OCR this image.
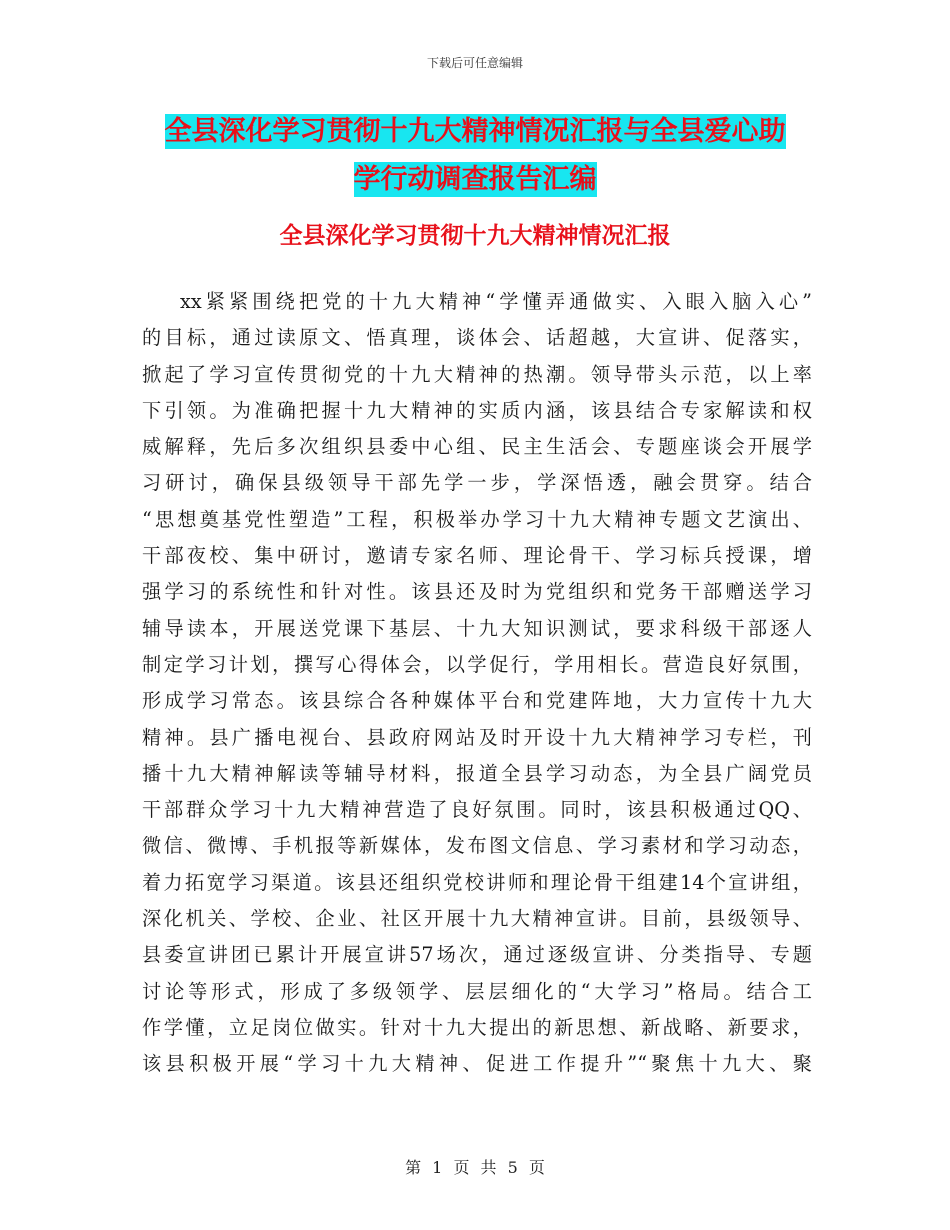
下载后可任意编辑
全县深化学习贯彻十九大精神情况汇报与全县爱心助
学行动调查报告汇编
全县深化学习贯彻十九大精神情况汇报
xx紧紧围绕把党的十九大精神“学懂弄通做实、入眼入脑入心”
的目标，通过读原文、悟真理，谈体会、话超越，大宣讲、促落实，
掀起了学习宣传贯彻党的十九大精神的热潮。领导带头示范，以上率
下引领。为准确把握十九大精神的实质内涵，该县结合专家解读和权
威解释，先后多次组织县委中心组、民主生活会、专题座谈会开展学
习研讨，确保县级领导干部先学一步，学深悟透，融会贯穿。结合
“思想奠基党性塑造”工程，积极举办学习十九大精神专题文艺演出、
干部夜校、集中研讨，邀请专家名师、理论骨干、学习标兵授课，增
强学习的系统性和针对性。该县还及时为党组织和党务干部赠送学习
辅导读本，开展送党课下基层、十九大知识测试，要求科级干部逐人
制定学习计划，撰写心得体会，以学促行，学用相长。营造良好氛围，
形成学习常态。该县综合各种媒体平台和党建阵地，大力宣传十九大
精神。县广播电视台、县政府网站及时开设十九大精神学习专栏，刊
播十九大精神解读等辅导材料，报道全县学习动态，为全县广阔党员
干部群众学习十九大精神营造了良好氛围。同时，该县积极通过QQ、
微信、微博、手机报等新媒体，发布图文信息、学习素材和学习动态，
着力拓宽学习渠道。该县还组织党校讲师和理论骨干组建14个宣讲组，
深化机关、学校、企业、社区开展十九大精神宣讲。目前，县级领导、
县委宣讲团已累计开展宣讲57场次，通过逐级宣讲、分类指导、专题
讨论等形式，形成了多级领学、层层细化的“大学习”格局。结合工
作学懂，立足岗位做实。针对十九大提出的新思想、新战略、新要求，
该县积极开展“学习十九大精神、促进工作提升”“聚焦十九大、聚
第 1 页 共 5 页
